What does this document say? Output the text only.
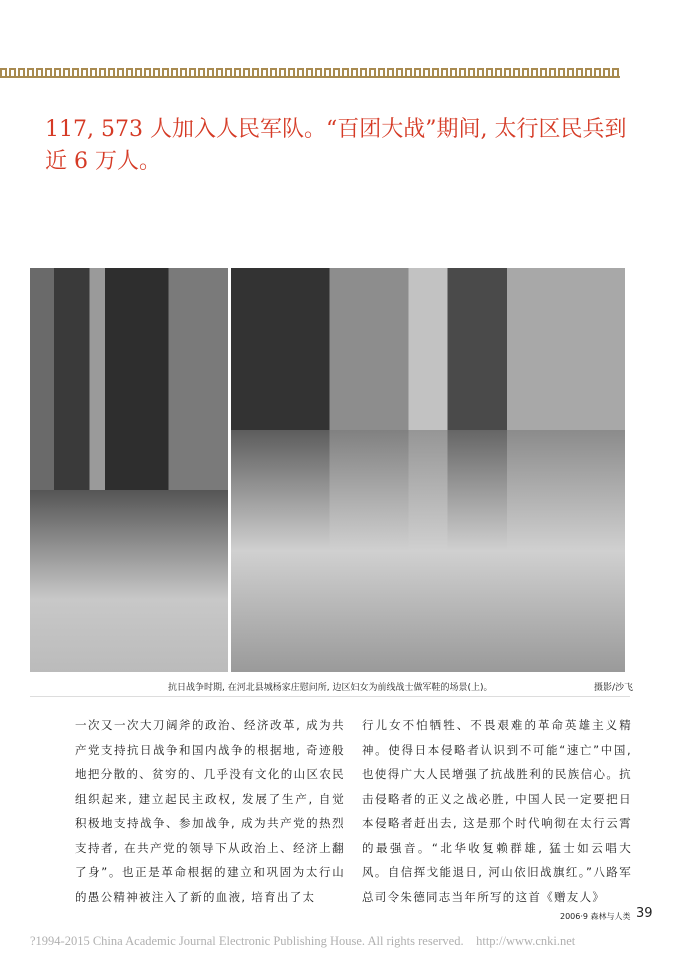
117, 573 人加入人民军队。“百团大战”期间, 太行区民兵到近 6 万人。
抗日战争时期, 在河北县城杨家庄慰问所, 边区妇女为前线战士做军鞋的场景(上)。	摄影/沙飞
一次又一次大刀阔斧的政治、经济改革, 成为共产党支持抗日战争和国内战争的根据地, 奇迹般地把分散的、贫穷的、几乎没有文化的山区农民组织起来, 建立起民主政权, 发展了生产, 自觉积极地支持战争、参加战争, 成为共产党的热烈支持者, 在共产党的领导下从政治上、经济上翻了身”。也正是革命根据的建立和巩固为太行山的愚公精神被注入了新的血液, 培育出了太
行儿女不怕牺牲、不畏艰难的革命英雄主义精神。使得日本侵略者认识到不可能“速亡”中国, 也使得广大人民增强了抗战胜利的民族信心。抗击侵略者的正义之战必胜, 中国人民一定要把日本侵略者赶出去, 这是那个时代响彻在太行云霄的最强音。“北华收复赖群雄, 猛士如云唱大风。自信挥戈能退日, 河山依旧战旗红。”八路军总司令朱德同志当年所写的这首《赠友人》
2006·9 森林与人类 39
?1994-2015 China Academic Journal Electronic Publishing House. All rights reserved.    http://www.cnki.net
